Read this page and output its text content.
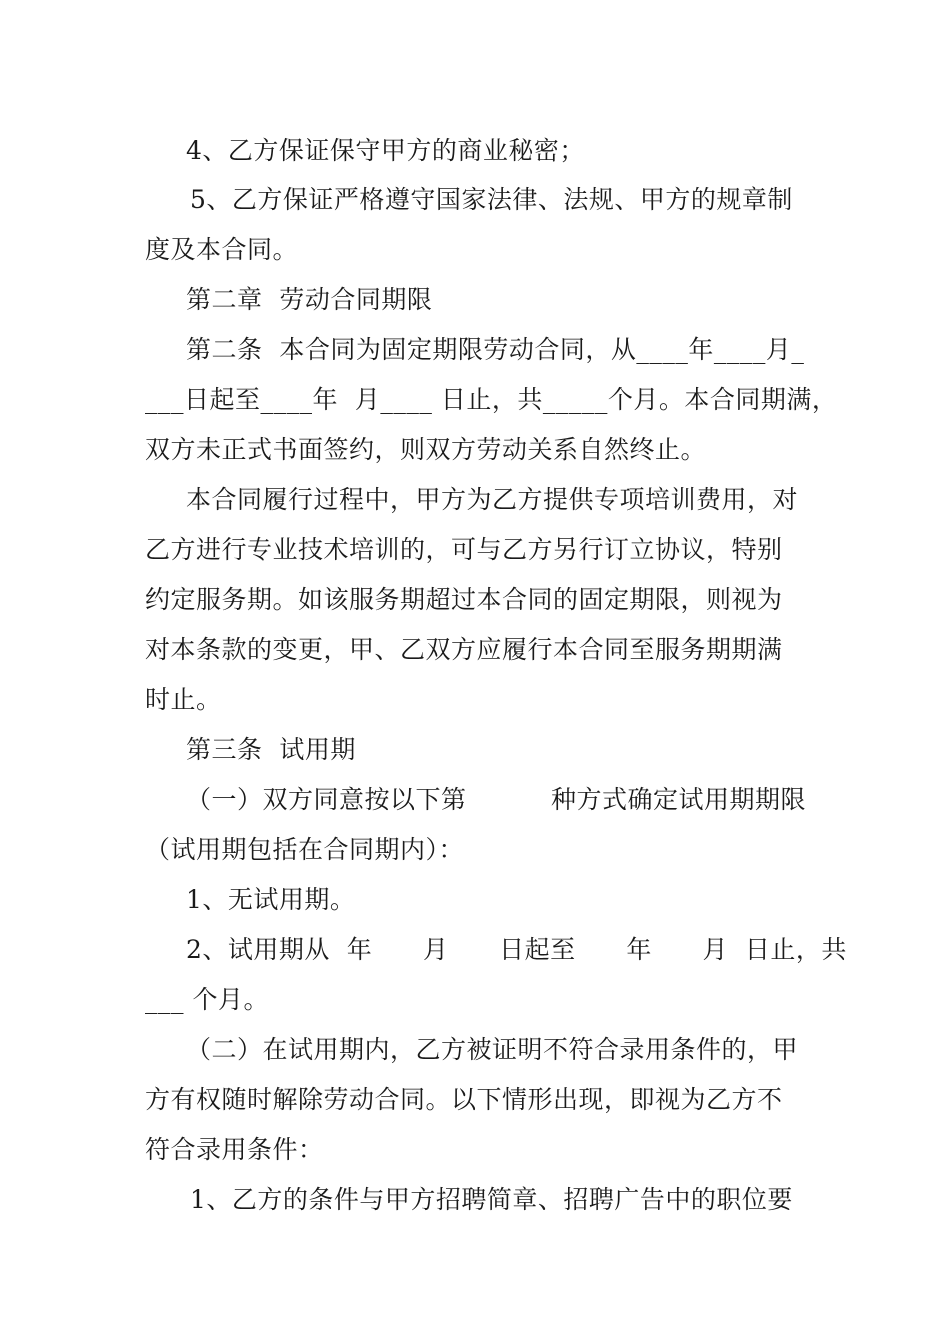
4、乙方保证保守甲方的商业秘密；
5、乙方保证严格遵守国家法律、法规、甲方的规章制
度及本合同。
第二章  劳动合同期限
第二条  本合同为固定期限劳动合同，从____年____月_
___日起至____年  月____ 日止，共_____个月。本合同期满，
双方未正式书面签约，则双方劳动关系自然终止。
本合同履行过程中，甲方为乙方提供专项培训费用，对
乙方进行专业技术培训的，可与乙方另行订立协议，特别
约定服务期。如该服务期超过本合同的固定期限，则视为
对本条款的变更，甲、乙双方应履行本合同至服务期期满
时止。
第三条  试用期
（一）双方同意按以下第          种方式确定试用期期限
（试用期包括在合同期内）：
1、无试用期。
2、试用期从  年      月      日起至      年      月  日止，共
___ 个月。
（二）在试用期内，乙方被证明不符合录用条件的，甲
方有权随时解除劳动合同。以下情形出现，即视为乙方不
符合录用条件：
1、乙方的条件与甲方招聘简章、招聘广告中的职位要
